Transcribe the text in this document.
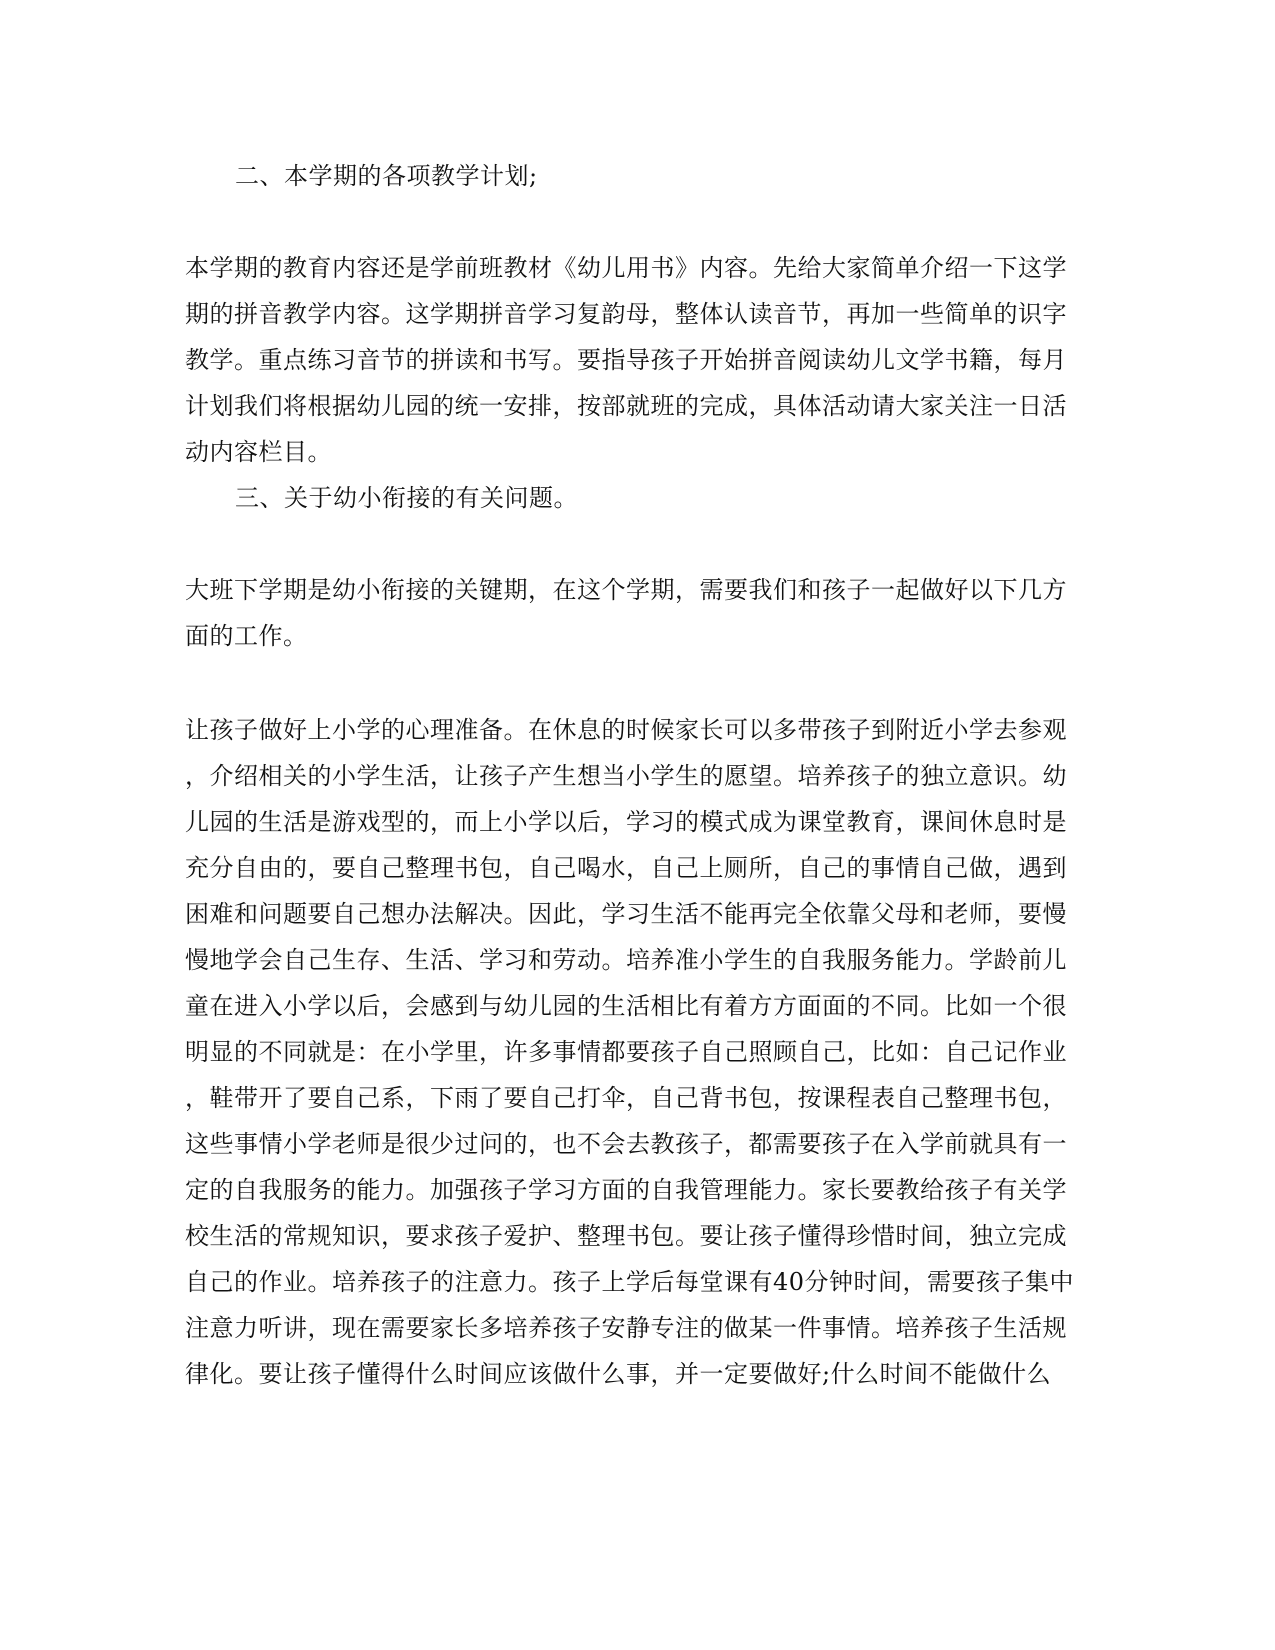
二、本学期的各项教学计划;
本学期的教育内容还是学前班教材《幼儿用书》内容。先给大家简单介绍一下这学
期的拼音教学内容。这学期拼音学习复韵母，整体认读音节，再加一些简单的识字
教学。重点练习音节的拼读和书写。要指导孩子开始拼音阅读幼儿文学书籍，每月
计划我们将根据幼儿园的统一安排，按部就班的完成，具体活动请大家关注一日活
动内容栏目。
三、关于幼小衔接的有关问题。
大班下学期是幼小衔接的关键期，在这个学期，需要我们和孩子一起做好以下几方
面的工作。
让孩子做好上小学的心理准备。在休息的时候家长可以多带孩子到附近小学去参观
，介绍相关的小学生活，让孩子产生想当小学生的愿望。培养孩子的独立意识。幼
儿园的生活是游戏型的，而上小学以后，学习的模式成为课堂教育，课间休息时是
充分自由的，要自己整理书包，自己喝水，自己上厕所，自己的事情自己做，遇到
困难和问题要自己想办法解决。因此，学习生活不能再完全依靠父母和老师，要慢
慢地学会自己生存、生活、学习和劳动。培养准小学生的自我服务能力。学龄前儿
童在进入小学以后，会感到与幼儿园的生活相比有着方方面面的不同。比如一个很
明显的不同就是：在小学里，许多事情都要孩子自己照顾自己，比如：自己记作业
，鞋带开了要自己系，下雨了要自己打伞，自己背书包，按课程表自己整理书包，
这些事情小学老师是很少过问的，也不会去教孩子，都需要孩子在入学前就具有一
定的自我服务的能力。加强孩子学习方面的自我管理能力。家长要教给孩子有关学
校生活的常规知识，要求孩子爱护、整理书包。要让孩子懂得珍惜时间，独立完成
自己的作业。培养孩子的注意力。孩子上学后每堂课有40分钟时间，需要孩子集中
注意力听讲，现在需要家长多培养孩子安静专注的做某一件事情。培养孩子生活规
律化。要让孩子懂得什么时间应该做什么事，并一定要做好;什么时间不能做什么
